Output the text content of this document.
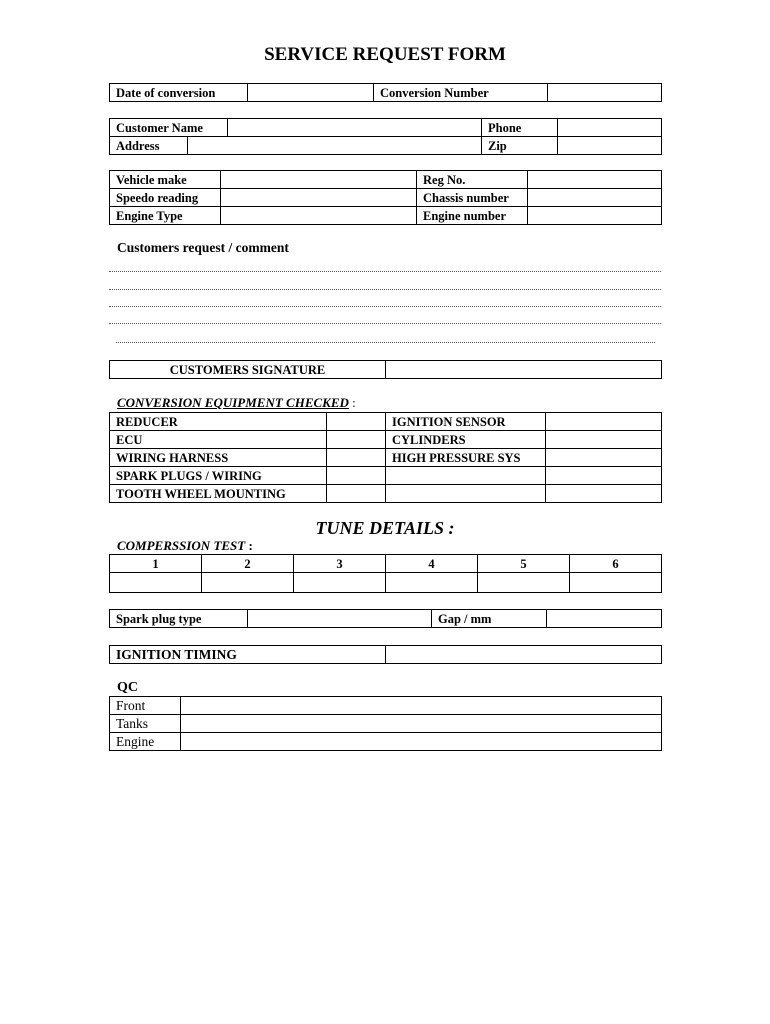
SERVICE REQUEST FORM
Date of conversion		Conversion Number	
Customer Name			Phone	
Address			Zip	
Vehicle make		Reg No.	
Speedo reading		Chassis number	
Engine Type		Engine number	
Customers request / comment
CUSTOMERS SIGNATURE	
CONVERSION EQUIPMENT CHECKED :
REDUCER		IGNITION SENSOR	
ECU		CYLINDERS	
WIRING HARNESS		HIGH PRESSURE SYS	
SPARK PLUGS / WIRING			
TOOTH WHEEL MOUNTING			
TUNE DETAILS :
COMPERSSION TEST :
1	2	3	4	5	6

Spark plug type		Gap / mm	
IGNITION TIMING	
QC
Front	
Tanks	
Engine	
